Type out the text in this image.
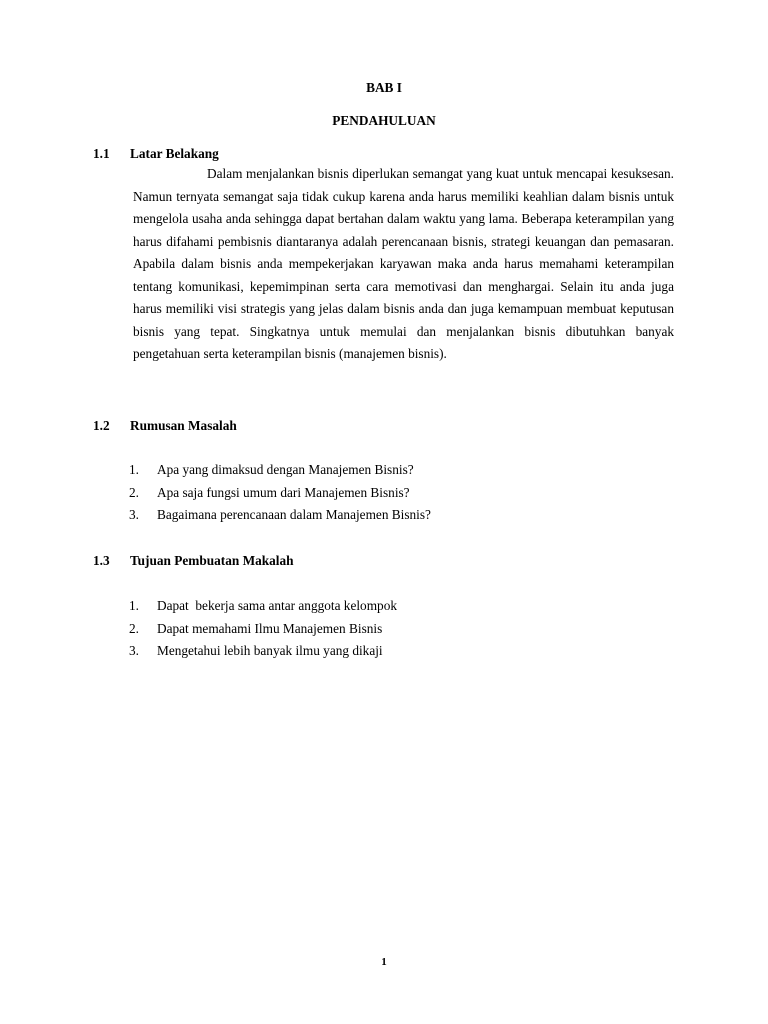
BAB I

PENDAHULUAN

1.1 Latar Belakang

Dalam menjalankan bisnis diperlukan semangat yang kuat untuk mencapai kesuksesan. Namun ternyata semangat saja tidak cukup karena anda harus memiliki keahlian dalam bisnis untuk mengelola usaha anda sehingga dapat bertahan dalam waktu yang lama. Beberapa keterampilan yang harus difahami pembisnis diantaranya adalah perencanaan bisnis, strategi keuangan dan pemasaran. Apabila dalam bisnis anda mempekerjakan karyawan maka anda harus memahami keterampilan tentang komunikasi, kepemimpinan serta cara memotivasi dan menghargai. Selain itu anda juga harus memiliki visi strategis yang jelas dalam bisnis anda dan juga kemampuan membuat keputusan bisnis yang tepat. Singkatnya untuk memulai dan menjalankan bisnis dibutuhkan banyak pengetahuan serta keterampilan bisnis (manajemen bisnis).

1.2 Rumusan Masalah

1. Apa yang dimaksud dengan Manajemen Bisnis?
2. Apa saja fungsi umum dari Manajemen Bisnis?
3. Bagaimana perencanaan dalam Manajemen Bisnis?

1.3 Tujuan Pembuatan Makalah

1. Dapat  bekerja sama antar anggota kelompok
2. Dapat memahami Ilmu Manajemen Bisnis
3. Mengetahui lebih banyak ilmu yang dikaji

1
